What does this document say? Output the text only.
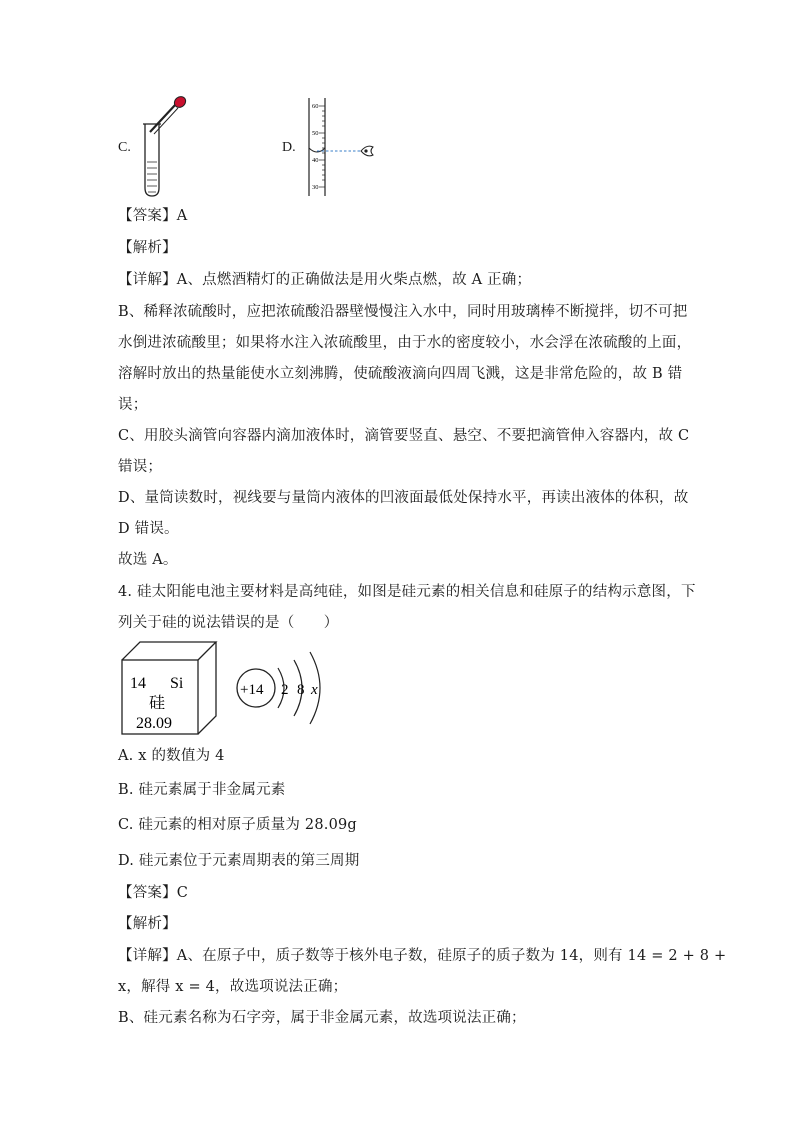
C.	D.
60
50
40
30
【答案】A
【解析】
【详解】A、点燃酒精灯的正确做法是用火柴点燃，故 A 正确；
B、稀释浓硫酸时，应把浓硫酸沿器壁慢慢注入水中，同时用玻璃棒不断搅拌，切不可把
水倒进浓硫酸里；如果将水注入浓硫酸里，由于水的密度较小，水会浮在浓硫酸的上面，
溶解时放出的热量能使水立刻沸腾，使硫酸液滴向四周飞溅，这是非常危险的，故 B 错
误；
C、用胶头滴管向容器内滴加液体时，滴管要竖直、悬空、不要把滴管伸入容器内，故 C
错误；
D、量筒读数时，视线要与量筒内液体的凹液面最低处保持水平，再读出液体的体积，故
D 错误。
故选 A。
4. 硅太阳能电池主要材料是高纯硅，如图是硅元素的相关信息和硅原子的结构示意图，下
列关于硅的说法错误的是（　　）
14 Si
硅
28.09
+14 2 8 x
A. x 的数值为 4
B. 硅元素属于非金属元素
C. 硅元素的相对原子质量为 28.09g
D. 硅元素位于元素周期表的第三周期
【答案】C
【解析】
【详解】A、在原子中，质子数等于核外电子数，硅原子的质子数为 14，则有 14 = 2 + 8 +
x，解得 x = 4，故选项说法正确；
B、硅元素名称为石字旁，属于非金属元素，故选项说法正确；
